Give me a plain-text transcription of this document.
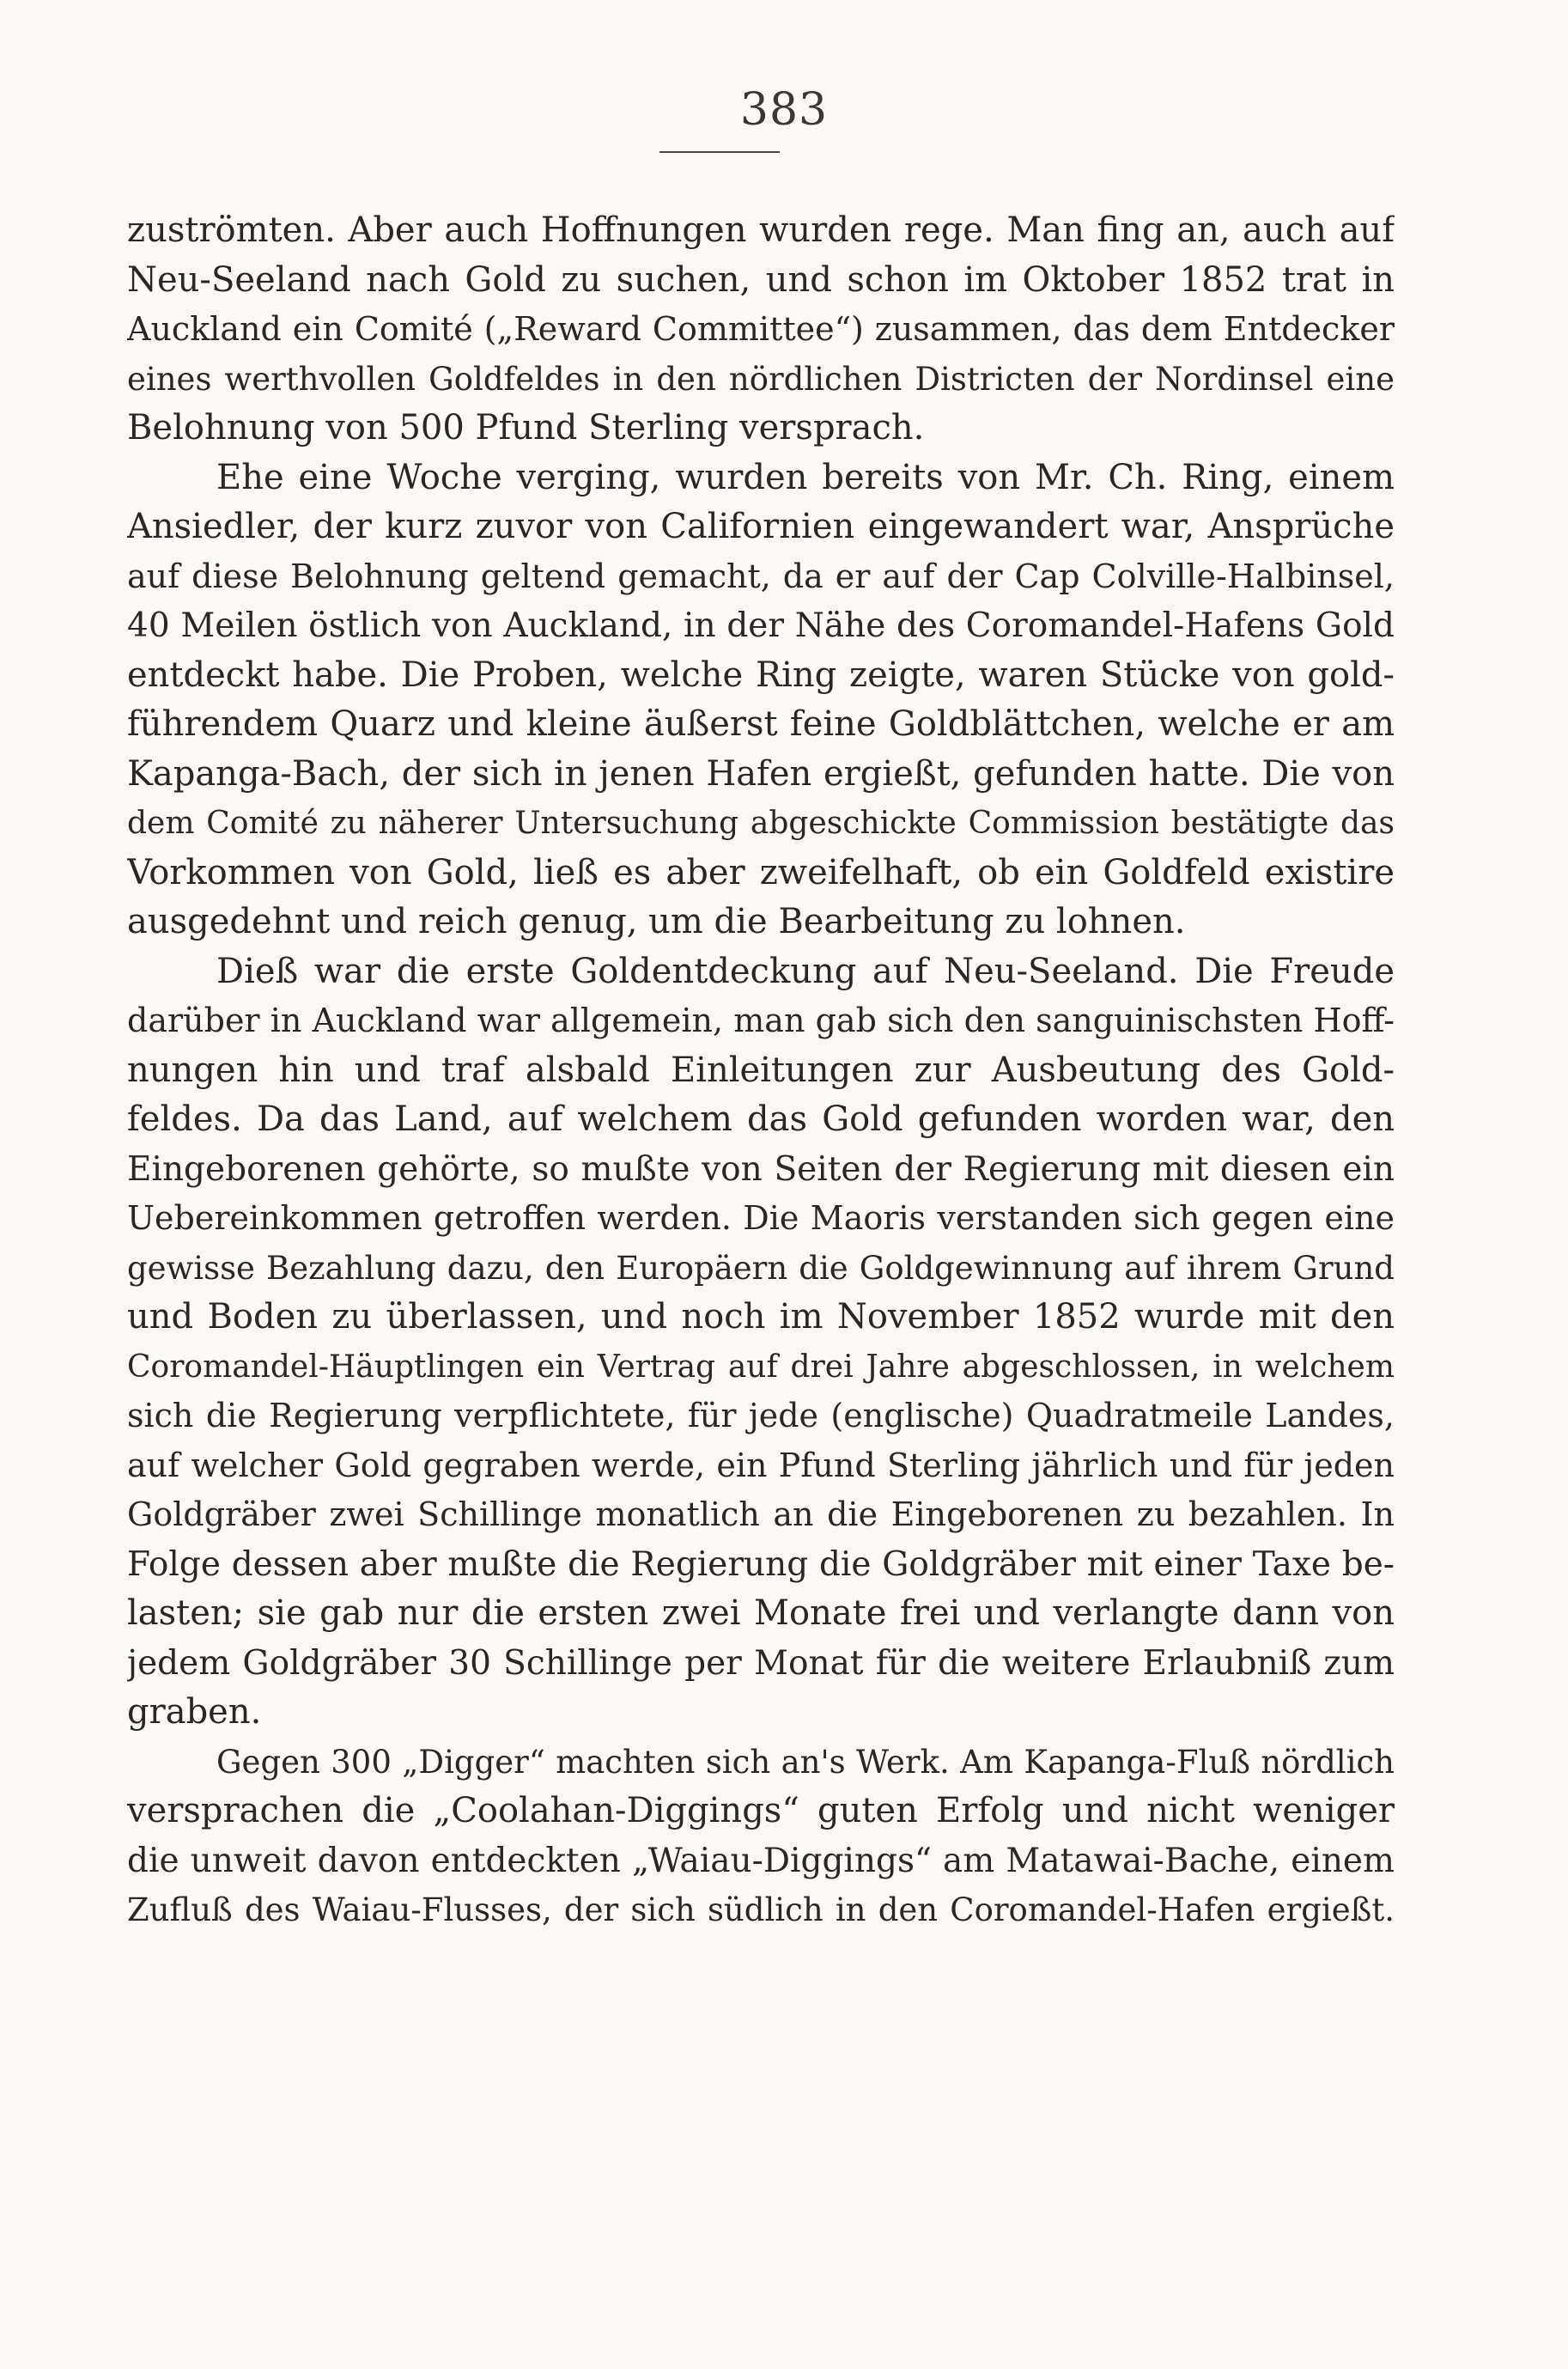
383
zuströmten. Aber auch Hoffnungen wurden rege. Man fing an, auch auf
Neu-Seeland nach Gold zu suchen, und schon im Oktober 1852 trat in
Auckland ein Comité („Reward Committee“) zusammen, das dem Entdecker
eines werthvollen Goldfeldes in den nördlichen Districten der Nordinsel eine
Belohnung von 500 Pfund Sterling versprach.
Ehe eine Woche verging, wurden bereits von Mr. Ch. Ring, einem
Ansiedler, der kurz zuvor von Californien eingewandert war, Ansprüche
auf diese Belohnung geltend gemacht, da er auf der Cap Colville-Halbinsel,
40 Meilen östlich von Auckland, in der Nähe des Coromandel-Hafens Gold
entdeckt habe. Die Proben, welche Ring zeigte, waren Stücke von gold-
führendem Quarz und kleine äußerst feine Goldblättchen, welche er am
Kapanga-Bach, der sich in jenen Hafen ergießt, gefunden hatte. Die von
dem Comité zu näherer Untersuchung abgeschickte Commission bestätigte das
Vorkommen von Gold, ließ es aber zweifelhaft, ob ein Goldfeld existire
ausgedehnt und reich genug, um die Bearbeitung zu lohnen.
Dieß war die erste Goldentdeckung auf Neu-Seeland. Die Freude
darüber in Auckland war allgemein, man gab sich den sanguinischsten Hoff-
nungen hin und traf alsbald Einleitungen zur Ausbeutung des Gold-
feldes. Da das Land, auf welchem das Gold gefunden worden war, den
Eingeborenen gehörte, so mußte von Seiten der Regierung mit diesen ein
Uebereinkommen getroffen werden. Die Maoris verstanden sich gegen eine
gewisse Bezahlung dazu, den Europäern die Goldgewinnung auf ihrem Grund
und Boden zu überlassen, und noch im November 1852 wurde mit den
Coromandel-Häuptlingen ein Vertrag auf drei Jahre abgeschlossen, in welchem
sich die Regierung verpflichtete, für jede (englische) Quadratmeile Landes,
auf welcher Gold gegraben werde, ein Pfund Sterling jährlich und für jeden
Goldgräber zwei Schillinge monatlich an die Eingeborenen zu bezahlen. In
Folge dessen aber mußte die Regierung die Goldgräber mit einer Taxe be-
lasten; sie gab nur die ersten zwei Monate frei und verlangte dann von
jedem Goldgräber 30 Schillinge per Monat für die weitere Erlaubniß zum
graben.
Gegen 300 „Digger“ machten sich an's Werk. Am Kapanga-Fluß nördlich
versprachen die „Coolahan-Diggings“ guten Erfolg und nicht weniger
die unweit davon entdeckten „Waiau-Diggings“ am Matawai-Bache, einem
Zufluß des Waiau-Flusses, der sich südlich in den Coromandel-Hafen ergießt.
